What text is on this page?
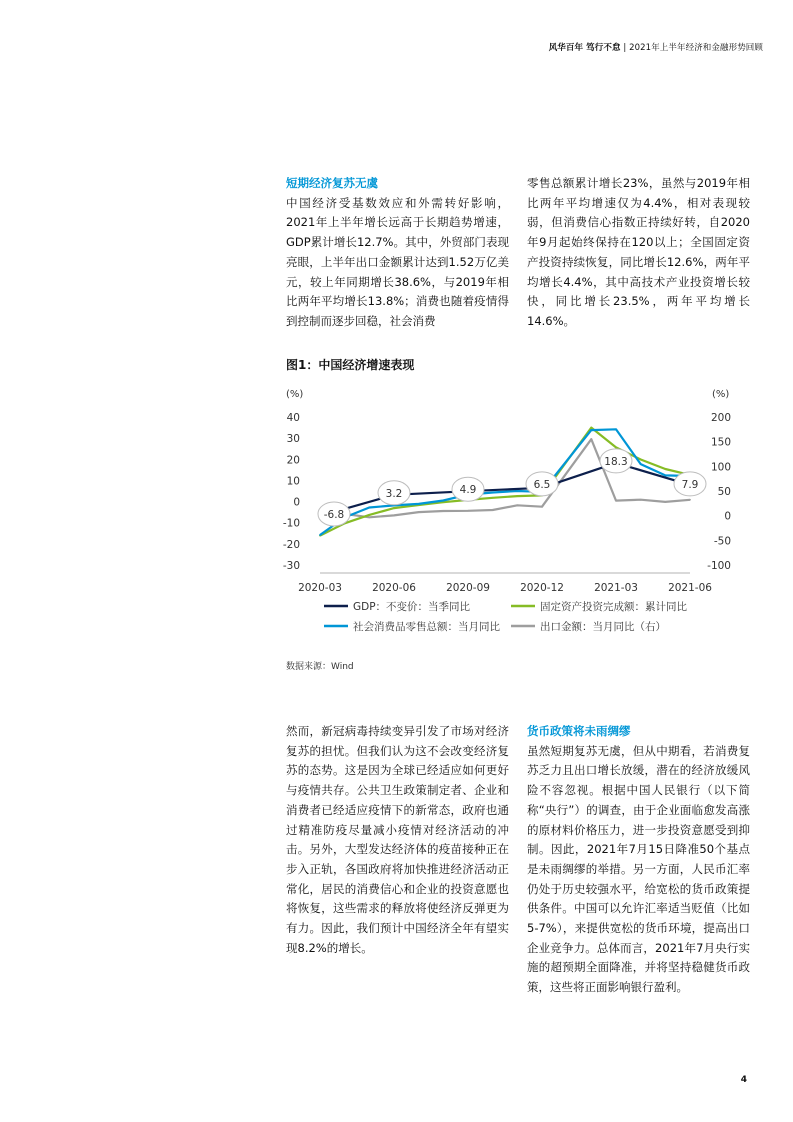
风华百年 笃行不怠 | 2021年上半年经济和金融形势回顾
短期经济复苏无虞
中国经济受基数效应和外需转好影响，2021年上半年增长远高于长期趋势增速，GDP累计增长12.7%。其中，外贸部门表现亮眼，上半年出口金额累计达到1.52万亿美元，较上年同期增长38.6%，与2019年相比两年平均增长13.8%；消费也随着疫情得到控制而逐步回稳，社会消费
零售总额累计增长23%，虽然与2019年相比两年平均增速仅为4.4%，相对表现较弱，但消费信心指数正持续好转，自2020年9月起始终保持在120以上；全国固定资产投资持续恢复，同比增长12.6%，两年平均增长4.4%，其中高技术产业投资增长较快，同比增长23.5%，两年平均增长14.6%。
图1：中国经济增速表现
(%)	(%)
40
30
20
10
0
-10
-20
-30
200
150
100
50
0
-50
-100
2020-03	2020-06	2020-09	2020-12	2021-03	2021-06
-6.8
3.2	4.9	6.5
18.3
7.9
GDP：不变价：当季同比	固定资产投资完成额：累计同比
社会消费品零售总额：当月同比	出口金额：当月同比（右）
数据来源：Wind
然而，新冠病毒持续变异引发了市场对经济复苏的担忧。但我们认为这不会改变经济复苏的态势。这是因为全球已经适应如何更好与疫情共存。公共卫生政策制定者、企业和消费者已经适应疫情下的新常态，政府也通过精准防疫尽量减小疫情对经济活动的冲击。另外，大型发达经济体的疫苗接种正在步入正轨，各国政府将加快推进经济活动正常化，居民的消费信心和企业的投资意愿也将恢复，这些需求的释放将使经济反弹更为有力。因此，我们预计中国经济全年有望实现8.2%的增长。
货币政策将未雨绸缪
虽然短期复苏无虞，但从中期看，若消费复苏乏力且出口增长放缓，潜在的经济放缓风险不容忽视。根据中国人民银行（以下简称“央行”）的调查，由于企业面临愈发高涨的原材料价格压力，进一步投资意愿受到抑制。因此，2021年7月15日降准50个基点是未雨绸缪的举措。另一方面，人民币汇率仍处于历史较强水平，给宽松的货币政策提供条件。中国可以允许汇率适当贬值（比如5-7%），来提供宽松的货币环境，提高出口企业竞争力。总体而言，2021年7月央行实施的超预期全面降准，并将坚持稳健货币政策，这些将正面影响银行盈利。
4
